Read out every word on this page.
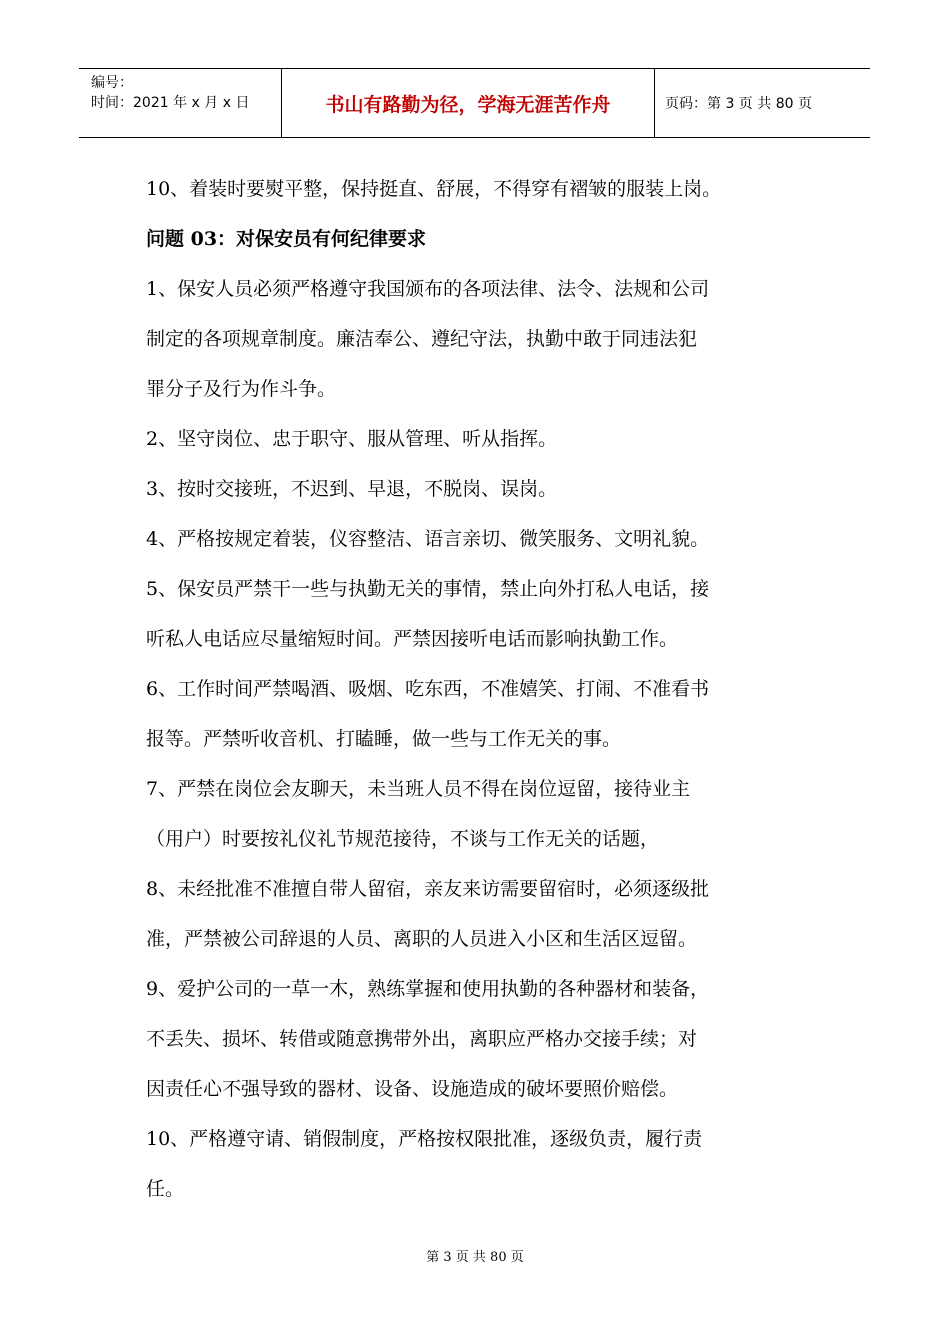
编号：
时间：2021 年 x 月 x 日	书山有路勤为径，学海无涯苦作舟	页码：第 3 页 共 80 页

10、着装时要熨平整，保持挺直、舒展，不得穿有褶皱的服装上岗。

问题 03：对保安员有何纪律要求

1、保安人员必须严格遵守我国颁布的各项法律、法令、法规和公司

制定的各项规章制度。廉洁奉公、遵纪守法，执勤中敢于同违法犯

罪分子及行为作斗争。

2、坚守岗位、忠于职守、服从管理、听从指挥。

3、按时交接班，不迟到、早退，不脱岗、误岗。

4、严格按规定着装，仪容整洁、语言亲切、微笑服务、文明礼貌。

5、保安员严禁干一些与执勤无关的事情，禁止向外打私人电话，接

听私人电话应尽量缩短时间。严禁因接听电话而影响执勤工作。

6、工作时间严禁喝酒、吸烟、吃东西，不准嬉笑、打闹、不准看书

报等。严禁听收音机、打瞌睡，做一些与工作无关的事。

7、严禁在岗位会友聊天，未当班人员不得在岗位逗留，接待业主

（用户）时要按礼仪礼节规范接待，不谈与工作无关的话题，

8、未经批准不准擅自带人留宿，亲友来访需要留宿时，必须逐级批

准，严禁被公司辞退的人员、离职的人员进入小区和生活区逗留。

9、爱护公司的一草一木，熟练掌握和使用执勤的各种器材和装备，

不丢失、损坏、转借或随意携带外出，离职应严格办交接手续；对

因责任心不强导致的器材、设备、设施造成的破坏要照价赔偿。

10、严格遵守请、销假制度，严格按权限批准，逐级负责，履行责

任。

第 3 页 共 80 页
